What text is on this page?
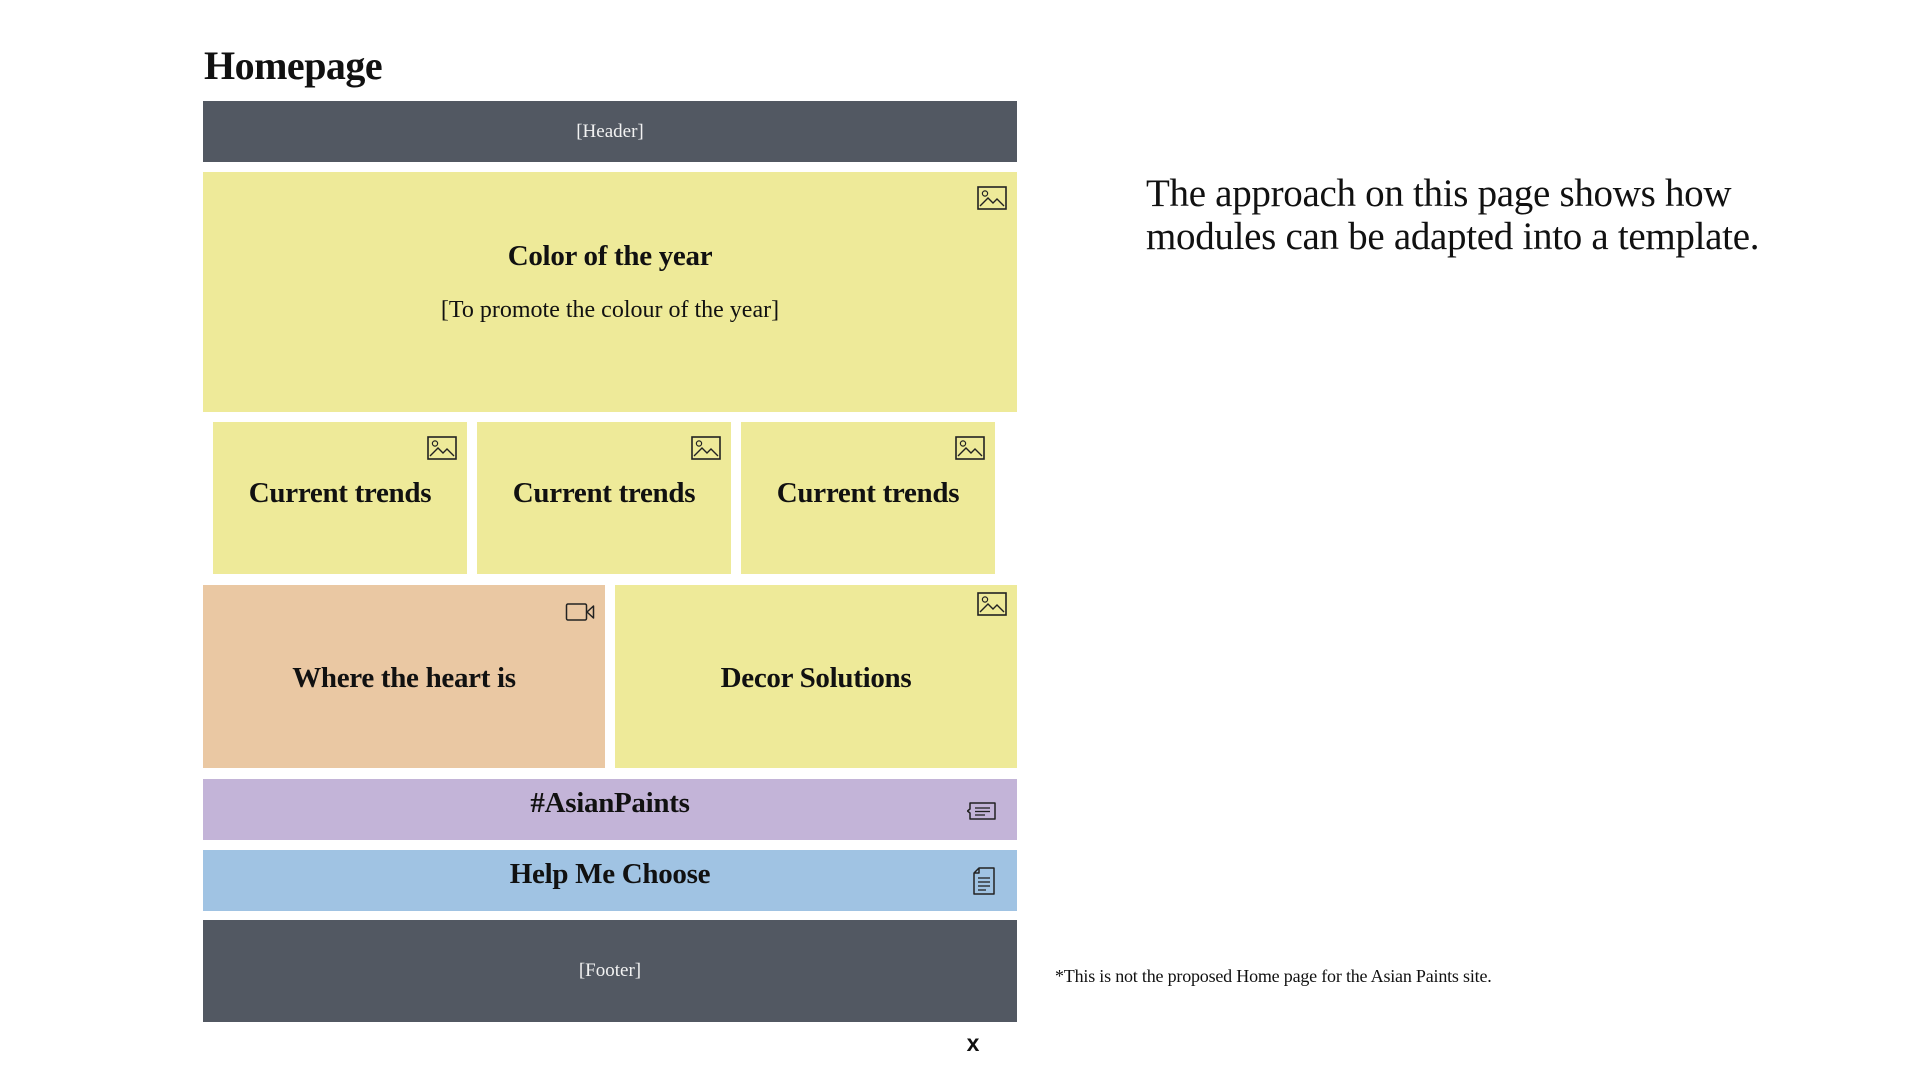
Homepage
[Header]
Color of the year
[To promote the colour of the year]
Current trends	Current trends	Current trends
Where the heart is	Decor Solutions
#AsianPaints
Help Me Choose
[Footer]
x
The approach on this page shows how modules can be adapted into a template.
*This is not the proposed Home page for the Asian Paints site.
